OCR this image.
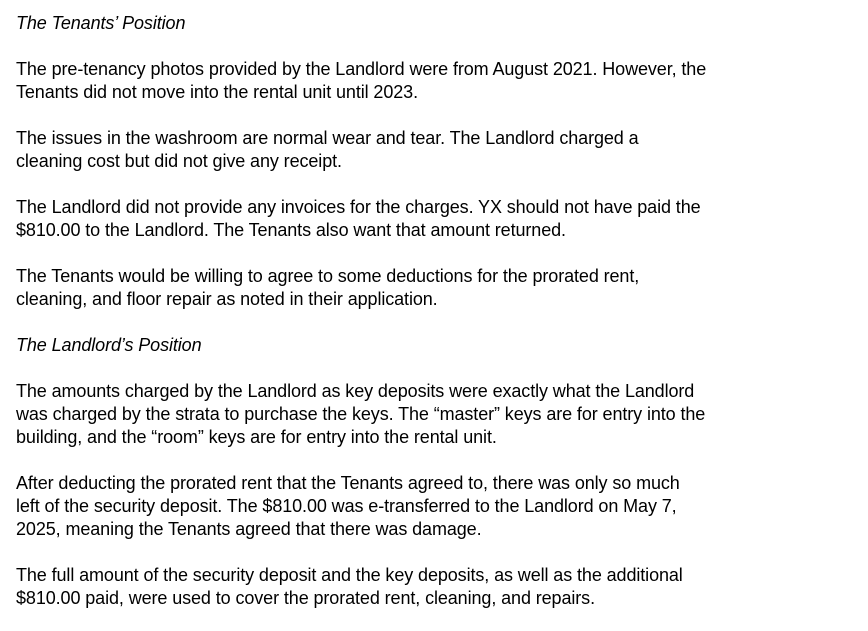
The Tenants’ Position

The pre-tenancy photos provided by the Landlord were from August 2021. However, the
Tenants did not move into the rental unit until 2023.

The issues in the washroom are normal wear and tear. The Landlord charged a
cleaning cost but did not give any receipt.

The Landlord did not provide any invoices for the charges. YX should not have paid the
$810.00 to the Landlord. The Tenants also want that amount returned.

The Tenants would be willing to agree to some deductions for the prorated rent,
cleaning, and floor repair as noted in their application.

The Landlord’s Position

The amounts charged by the Landlord as key deposits were exactly what the Landlord
was charged by the strata to purchase the keys. The “master” keys are for entry into the
building, and the “room” keys are for entry into the rental unit.

After deducting the prorated rent that the Tenants agreed to, there was only so much
left of the security deposit. The $810.00 was e-transferred to the Landlord on May 7,
2025, meaning the Tenants agreed that there was damage.

The full amount of the security deposit and the key deposits, as well as the additional
$810.00 paid, were used to cover the prorated rent, cleaning, and repairs.
